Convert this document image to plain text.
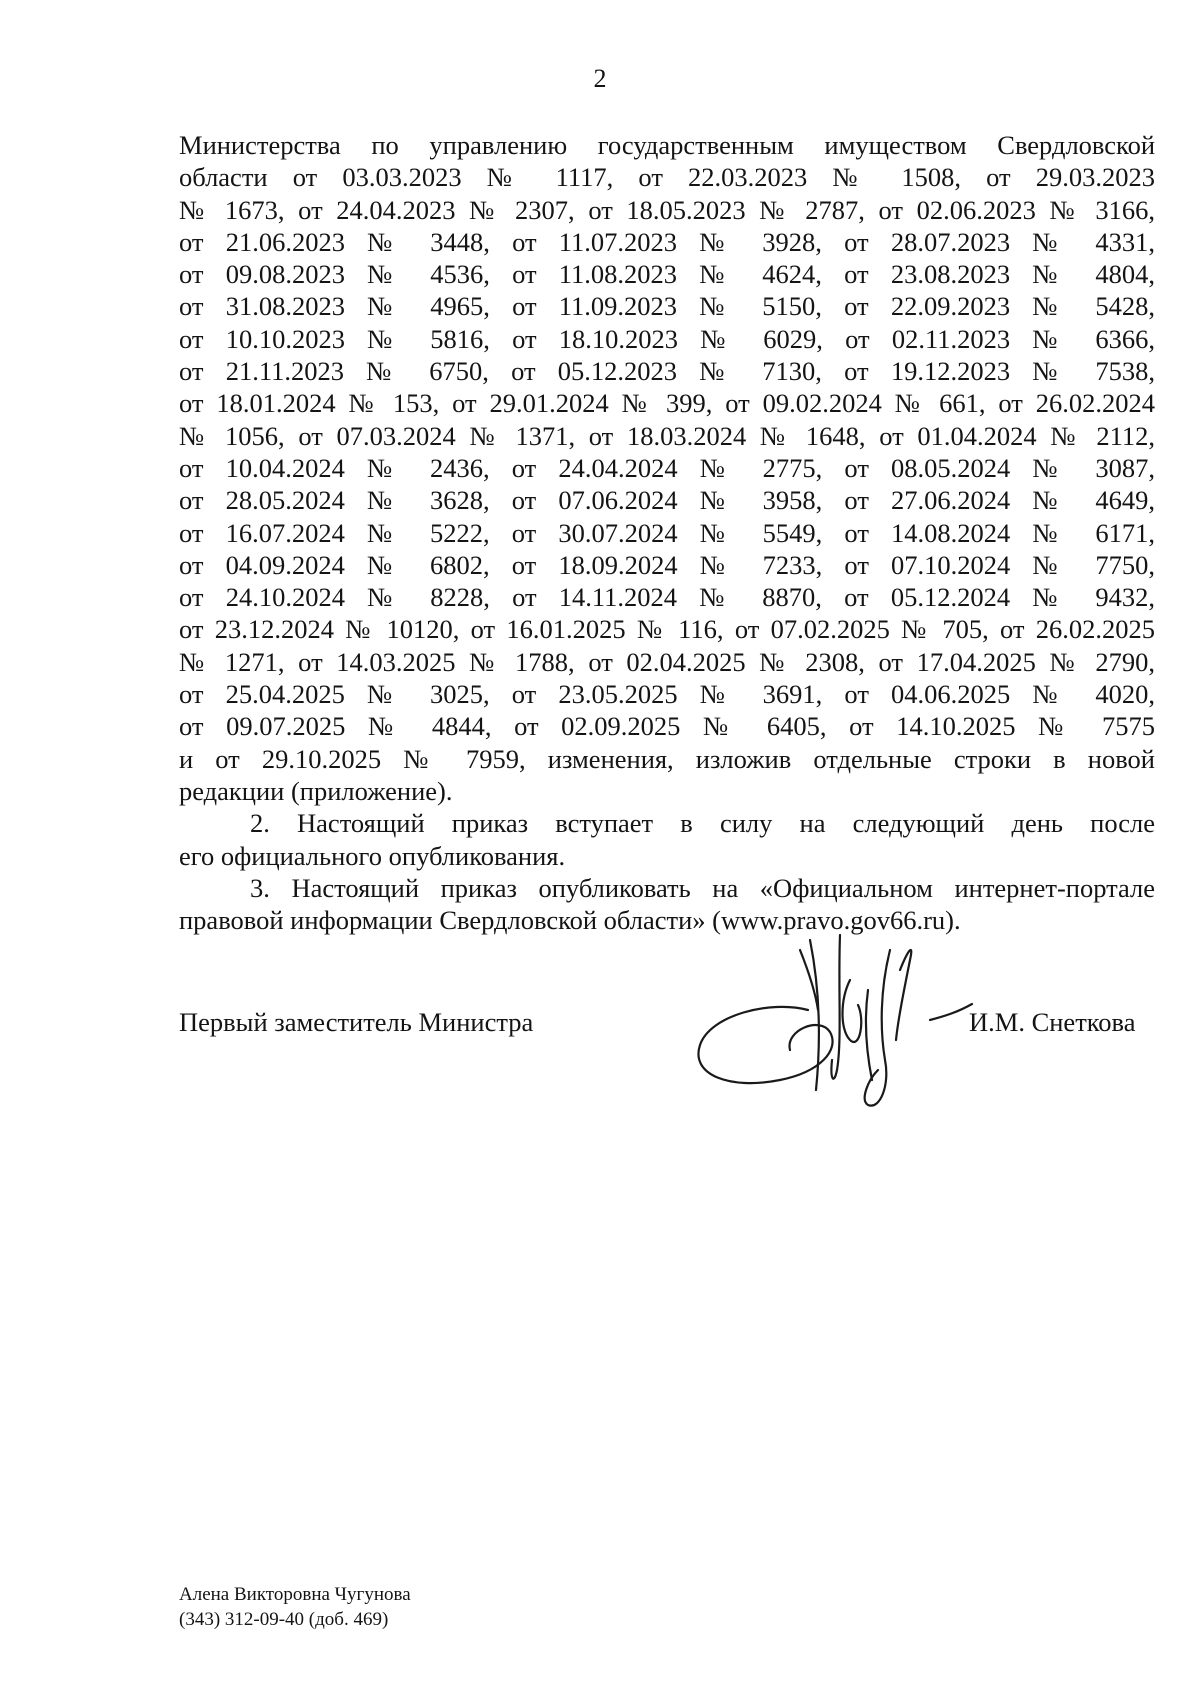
2
Министерства по управлению государственным имуществом Свердловской
области от 03.03.2023 № 1117, от 22.03.2023 № 1508, от 29.03.2023
№ 1673, от 24.04.2023 № 2307, от 18.05.2023 № 2787, от 02.06.2023 № 3166,
от 21.06.2023 № 3448, от 11.07.2023 № 3928, от 28.07.2023 № 4331,
от 09.08.2023 № 4536, от 11.08.2023 № 4624, от 23.08.2023 № 4804,
от 31.08.2023 № 4965, от 11.09.2023 № 5150, от 22.09.2023 № 5428,
от 10.10.2023 № 5816, от 18.10.2023 № 6029, от 02.11.2023 № 6366,
от 21.11.2023 № 6750, от 05.12.2023 № 7130, от 19.12.2023 № 7538,
от 18.01.2024 № 153, от 29.01.2024 № 399, от 09.02.2024 № 661, от 26.02.2024
№ 1056, от 07.03.2024 № 1371, от 18.03.2024 № 1648, от 01.04.2024 № 2112,
от 10.04.2024 № 2436, от 24.04.2024 № 2775, от 08.05.2024 № 3087,
от 28.05.2024 № 3628, от 07.06.2024 № 3958, от 27.06.2024 № 4649,
от 16.07.2024 № 5222, от 30.07.2024 № 5549, от 14.08.2024 № 6171,
от 04.09.2024 № 6802, от 18.09.2024 № 7233, от 07.10.2024 № 7750,
от 24.10.2024 № 8228, от 14.11.2024 № 8870, от 05.12.2024 № 9432,
от 23.12.2024 № 10120, от 16.01.2025 № 116, от 07.02.2025 № 705, от 26.02.2025
№ 1271, от 14.03.2025 № 1788, от 02.04.2025 № 2308, от 17.04.2025 № 2790,
от 25.04.2025 № 3025, от 23.05.2025 № 3691, от 04.06.2025 № 4020,
от 09.07.2025 № 4844, от 02.09.2025 № 6405, от 14.10.2025 № 7575
и от 29.10.2025 № 7959, изменения, изложив отдельные строки в новой
редакции (приложение).
2. Настоящий приказ вступает в силу на следующий день после
его официального опубликования.
3. Настоящий приказ опубликовать на «Официальном интернет-портале
правовой информации Свердловской области» (www.pravo.gov66.ru).
Первый заместитель Министра	И.М. Снеткова
Алена Викторовна Чугунова
(343) 312-09-40 (доб. 469)
